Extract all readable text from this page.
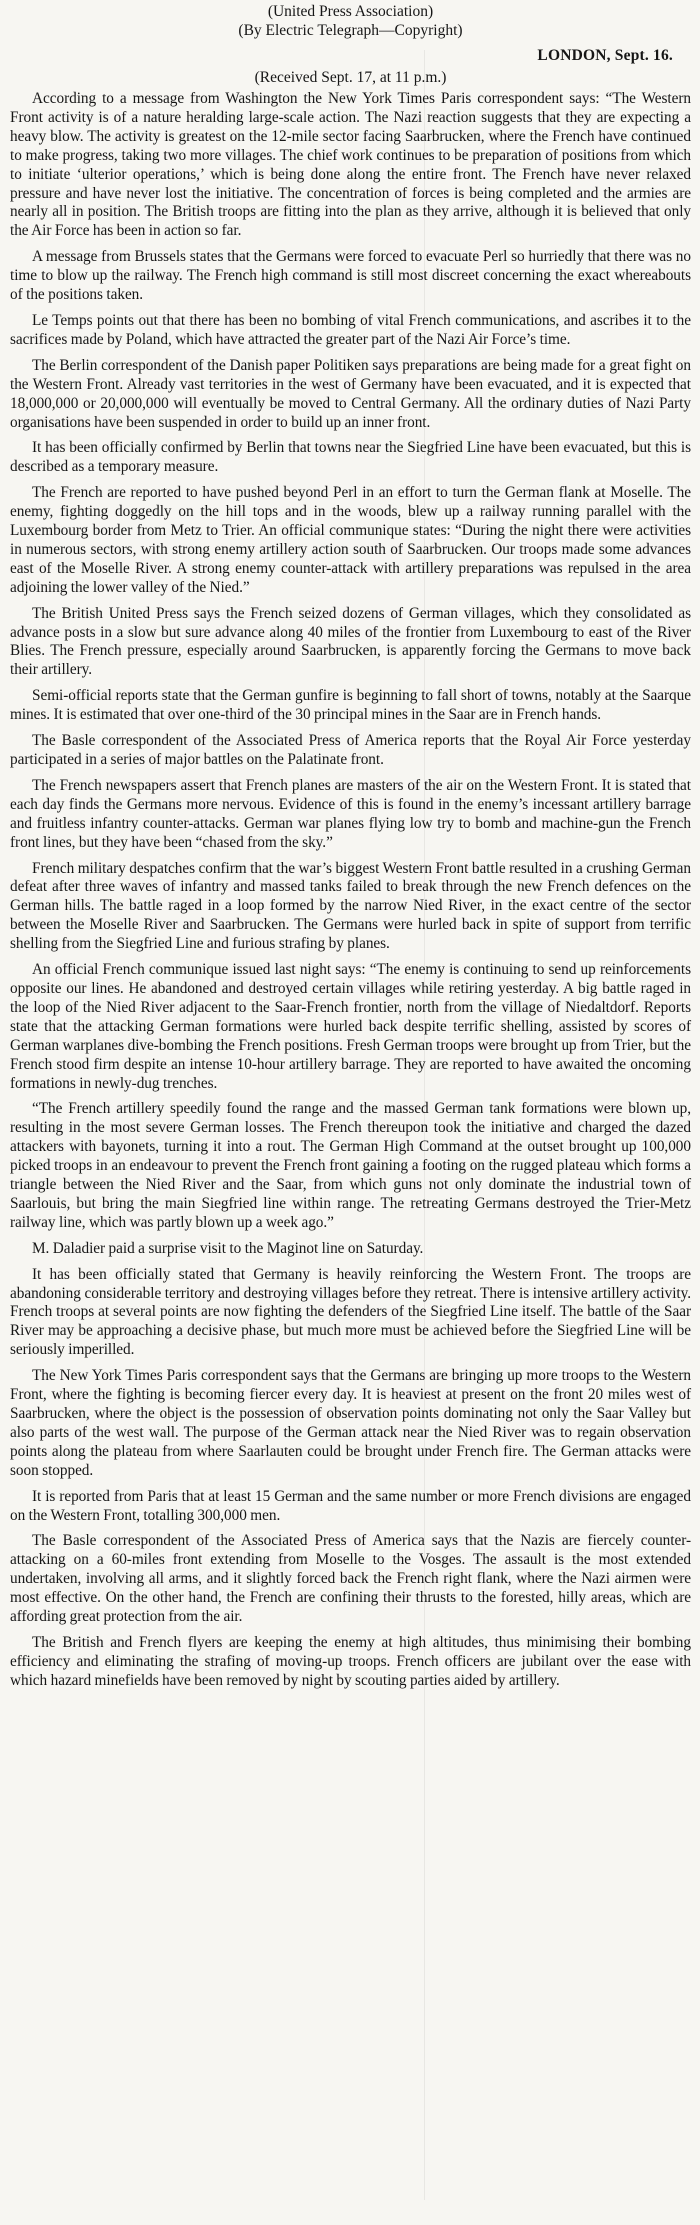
(United Press Association)

(By Electric Telegraph—Copyright)

LONDON, Sept. 16.

(Received Sept. 17, at 11 p.m.)

According to a message from Washington the New York Times Paris correspondent says: “The Western Front activity is of a nature heralding large-scale action. The Nazi reaction suggests that they are expecting a heavy blow. The activity is greatest on the 12-mile sector facing Saarbrucken, where the French have continued to make progress, taking two more villages. The chief work continues to be preparation of positions from which to initiate ‘ulterior operations,’ which is being done along the entire front. The French have never relaxed pressure and have never lost the initiative. The concentration of forces is being completed and the armies are nearly all in position. The British troops are fitting into the plan as they arrive, although it is believed that only the Air Force has been in action so far.

A message from Brussels states that the Germans were forced to evacuate Perl so hurriedly that there was no time to blow up the railway. The French high command is still most discreet concerning the exact whereabouts of the positions taken.

Le Temps points out that there has been no bombing of vital French communications, and ascribes it to the sacrifices made by Poland, which have attracted the greater part of the Nazi Air Force’s time.

The Berlin correspondent of the Danish paper Politiken says preparations are being made for a great fight on the Western Front. Already vast territories in the west of Germany have been evacuated, and it is expected that 18,000,000 or 20,000,000 will eventually be moved to Central Germany. All the ordinary duties of Nazi Party organisations have been suspended in order to build up an inner front.

It has been officially confirmed by Berlin that towns near the Siegfried Line have been evacuated, but this is described as a temporary measure.

The French are reported to have pushed beyond Perl in an effort to turn the German flank at Moselle. The enemy, fighting doggedly on the hill tops and in the woods, blew up a railway running parallel with the Luxembourg border from Metz to Trier. An official communique states: “During the night there were activities in numerous sectors, with strong enemy artillery action south of Saarbrucken. Our troops made some advances east of the Moselle River. A strong enemy counter-attack with artillery preparations was repulsed in the area adjoining the lower valley of the Nied.”

The British United Press says the French seized dozens of German villages, which they consolidated as advance posts in a slow but sure advance along 40 miles of the frontier from Luxembourg to east of the River Blies. The French pressure, especially around Saarbrucken, is apparently forcing the Germans to move back their artillery.

Semi-official reports state that the German gunfire is beginning to fall short of towns, notably at the Saarque mines. It is estimated that over one-third of the 30 principal mines in the Saar are in French hands.

The Basle correspondent of the Associated Press of America reports that the Royal Air Force yesterday participated in a series of major battles on the Palatinate front.

The French newspapers assert that French planes are masters of the air on the Western Front. It is stated that each day finds the Germans more nervous. Evidence of this is found in the enemy’s incessant artillery barrage and fruitless infantry counter-attacks. German war planes flying low try to bomb and machine-gun the French front lines, but they have been “chased from the sky.”

French military despatches confirm that the war’s biggest Western Front battle resulted in a crushing German defeat after three waves of infantry and massed tanks failed to break through the new French defences on the German hills. The battle raged in a loop formed by the narrow Nied River, in the exact centre of the sector between the Moselle River and Saarbrucken. The Germans were hurled back in spite of support from terrific shelling from the Siegfried Line and furious strafing by planes.

An official French communique issued last night says: “The enemy is continuing to send up reinforcements opposite our lines. He abandoned and destroyed certain villages while retiring yesterday. A big battle raged in the loop of the Nied River adjacent to the Saar-French frontier, north from the village of Niedaltdorf. Reports state that the attacking German formations were hurled back despite terrific shelling, assisted by scores of German warplanes dive-bombing the French positions. Fresh German troops were brought up from Trier, but the French stood firm despite an intense 10-hour artillery barrage. They are reported to have awaited the oncoming formations in newly-dug trenches.

“The French artillery speedily found the range and the massed German tank formations were blown up, resulting in the most severe German losses. The French thereupon took the initiative and charged the dazed attackers with bayonets, turning it into a rout. The German High Command at the outset brought up 100,000 picked troops in an endeavour to prevent the French front gaining a footing on the rugged plateau which forms a triangle between the Nied River and the Saar, from which guns not only dominate the industrial town of Saarlouis, but bring the main Siegfried line within range. The retreating Germans destroyed the Trier-Metz railway line, which was partly blown up a week ago.”

M. Daladier paid a surprise visit to the Maginot line on Saturday.

It has been officially stated that Germany is heavily reinforcing the Western Front. The troops are abandoning considerable territory and destroying villages before they retreat. There is intensive artillery activity. French troops at several points are now fighting the defenders of the Siegfried Line itself. The battle of the Saar River may be approaching a decisive phase, but much more must be achieved before the Siegfried Line will be seriously imperilled.

The New York Times Paris correspondent says that the Germans are bringing up more troops to the Western Front, where the fighting is becoming fiercer every day. It is heaviest at present on the front 20 miles west of Saarbrucken, where the object is the possession of observation points dominating not only the Saar Valley but also parts of the west wall. The purpose of the German attack near the Nied River was to regain observation points along the plateau from where Saarlauten could be brought under French fire. The German attacks were soon stopped.

It is reported from Paris that at least 15 German and the same number or more French divisions are engaged on the Western Front, totalling 300,000 men.

The Basle correspondent of the Associated Press of America says that the Nazis are fiercely counter-attacking on a 60-miles front extending from Moselle to the Vosges. The assault is the most extended undertaken, involving all arms, and it slightly forced back the French right flank, where the Nazi airmen were most effective. On the other hand, the French are confining their thrusts to the forested, hilly areas, which are affording great protection from the air.

The British and French flyers are keeping the enemy at high altitudes, thus minimising their bombing efficiency and eliminating the strafing of moving-up troops. French officers are jubilant over the ease with which hazard minefields have been removed by night by scouting parties aided by artillery.
